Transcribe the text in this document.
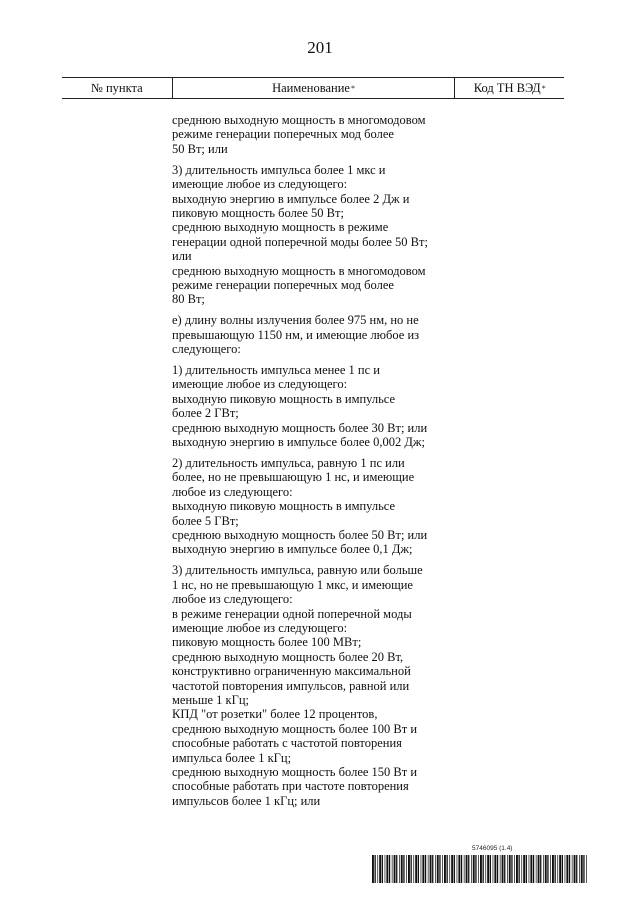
201
№ пункта	Наименование *	Код ТН ВЭД *
среднюю выходную мощность в многомодовом
режиме генерации поперечных мод более
50 Вт; или
3) длительность импульса более 1 мкс и
имеющие любое из следующего:
выходную энергию в импульсе более 2 Дж и
пиковую мощность более 50 Вт;
среднюю выходную мощность в режиме
генерации одной поперечной моды более 50 Вт;
или
среднюю выходную мощность в многомодовом
режиме генерации поперечных мод более
80 Вт;
е) длину волны излучения более 975 нм, но не
превышающую 1150 нм, и имеющие любое из
следующего:
1) длительность импульса менее 1 пс и
имеющие любое из следующего:
выходную пиковую мощность в импульсе
более 2 ГВт;
среднюю выходную мощность более 30 Вт; или
выходную энергию в импульсе более 0,002 Дж;
2) длительность импульса, равную 1 пс или
более, но не превышающую 1 нс, и имеющие
любое из следующего:
выходную пиковую мощность в импульсе
более 5 ГВт;
среднюю выходную мощность более 50 Вт; или
выходную энергию в импульсе более 0,1 Дж;
3) длительность импульса, равную или больше
1 нс, но не превышающую 1 мкс, и имеющие
любое из следующего:
в режиме генерации одной поперечной моды
имеющие любое из следующего:
пиковую мощность более 100 МВт;
среднюю выходную мощность более 20 Вт,
конструктивно ограниченную максимальной
частотой повторения импульсов, равной или
меньше 1 кГц;
КПД "от розетки" более 12 процентов,
среднюю выходную мощность более 100 Вт и
способные работать с частотой повторения
импульса более 1 кГц;
среднюю выходную мощность более 150 Вт и
способные работать при частоте повторения
импульсов более 1 кГц; или
5746095 (1.4)
